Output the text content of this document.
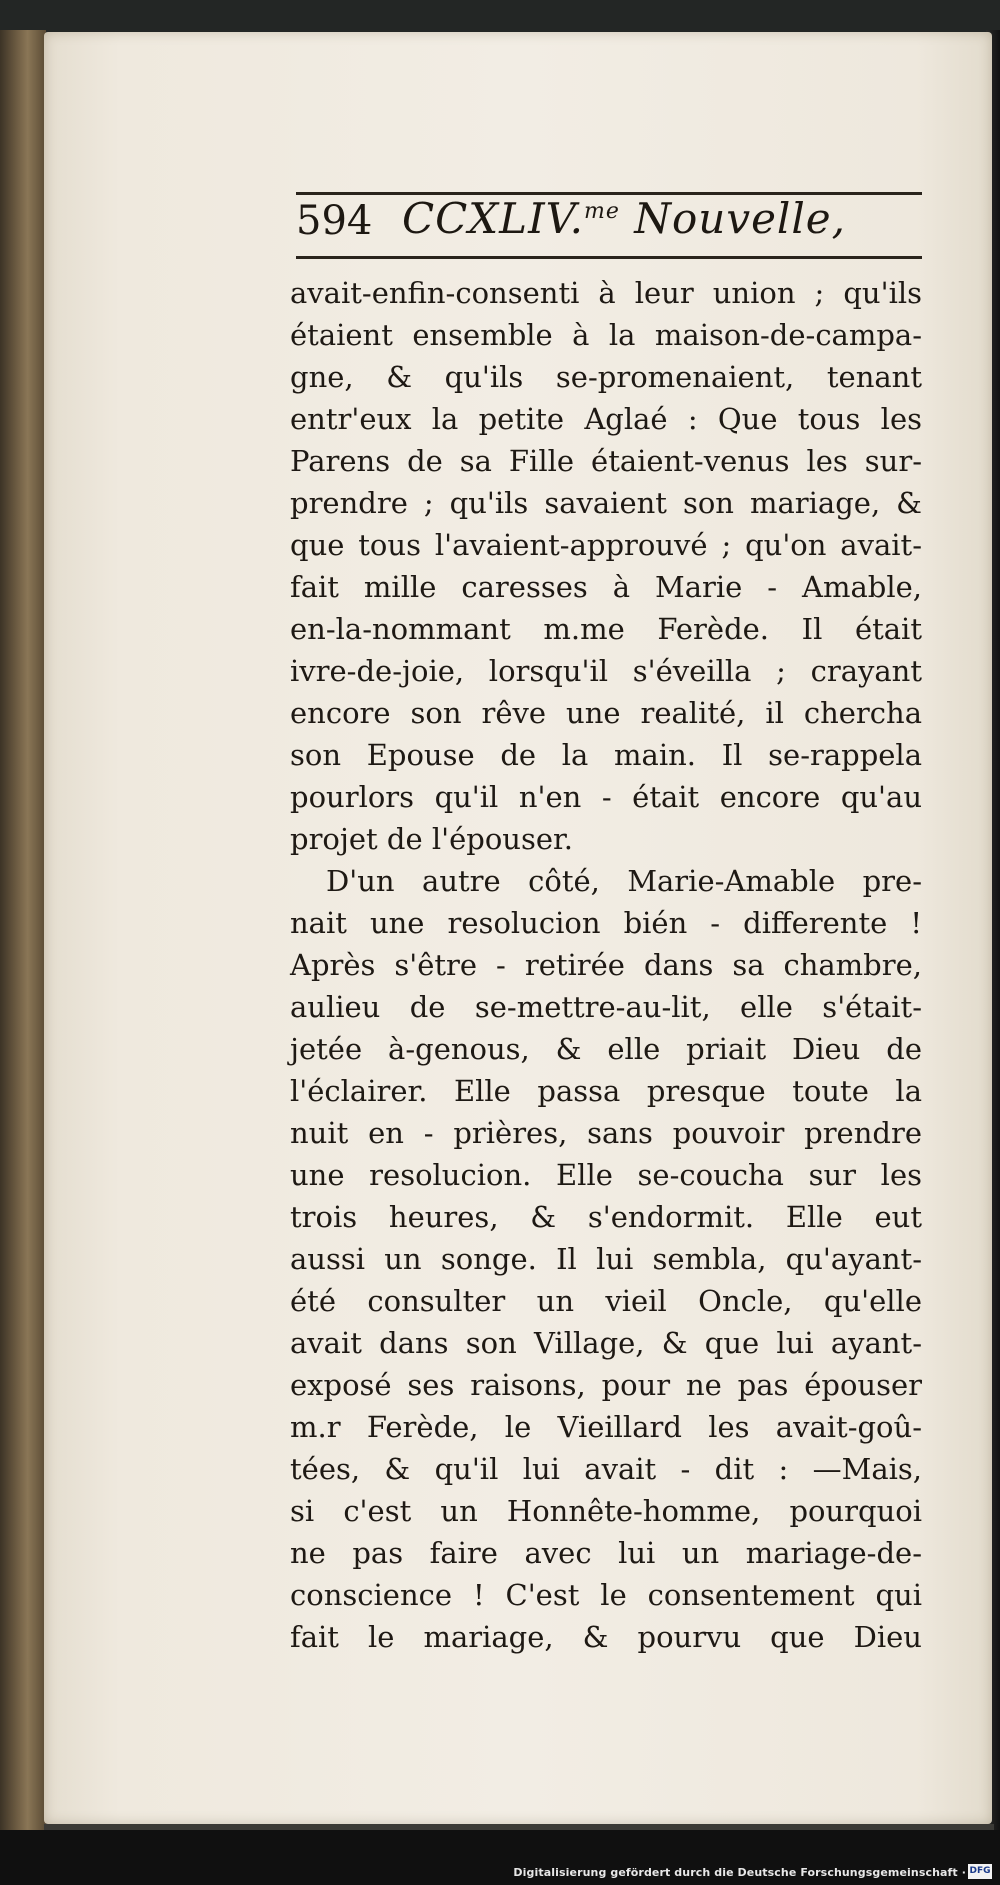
594 CCXLIV.$^{me}$ Nouvelle,
avait-enfin-consenti à leur union ; qu'ils
étaient ensemble à la maison-de-campa-
gne, & qu'ils se-promenaient, tenant
entr'eux la petite Aglaé : Que tous les
Parens de sa Fille étaient-venus les sur-
prendre ; qu'ils savaient son mariage, &
que tous l'avaient-approuvé ; qu'on avait-
fait mille caresses à Marie - Amable,
en-la-nommant m.me Ferède. Il était
ivre-de-joie, lorsqu'il s'éveilla ; crayant
encore son rêve une realité, il chercha
son Epouse de la main. Il se-rappela
pourlors qu'il n'en - était encore qu'au
projet de l'épouser.
D'un autre côté, Marie-Amable pre-
nait une resolucion bién - differente !
Après s'être - retirée dans sa chambre,
aulieu de se-mettre-au-lit, elle s'était-
jetée à-genous, & elle priait Dieu de
l'éclairer. Elle passa presque toute la
nuit en - prières, sans pouvoir prendre
une resolucion. Elle se-coucha sur les
trois heures, & s'endormit. Elle eut
aussi un songe. Il lui sembla, qu'ayant-
été consulter un vieil Oncle, qu'elle
avait dans son Village, & que lui ayant-
exposé ses raisons, pour ne pas épouser
m.r Ferède, le Vieillard les avait-goû-
tées, & qu'il lui avait - dit : —Mais,
si c'est un Honnête-homme, pourquoi
ne pas faire avec lui un mariage-de-
conscience ! C'est le consentement qui
fait le mariage, & pourvu que Dieu
Digitalisierung gefördert durch die Deutsche Forschungsgemeinschaft · DFG
